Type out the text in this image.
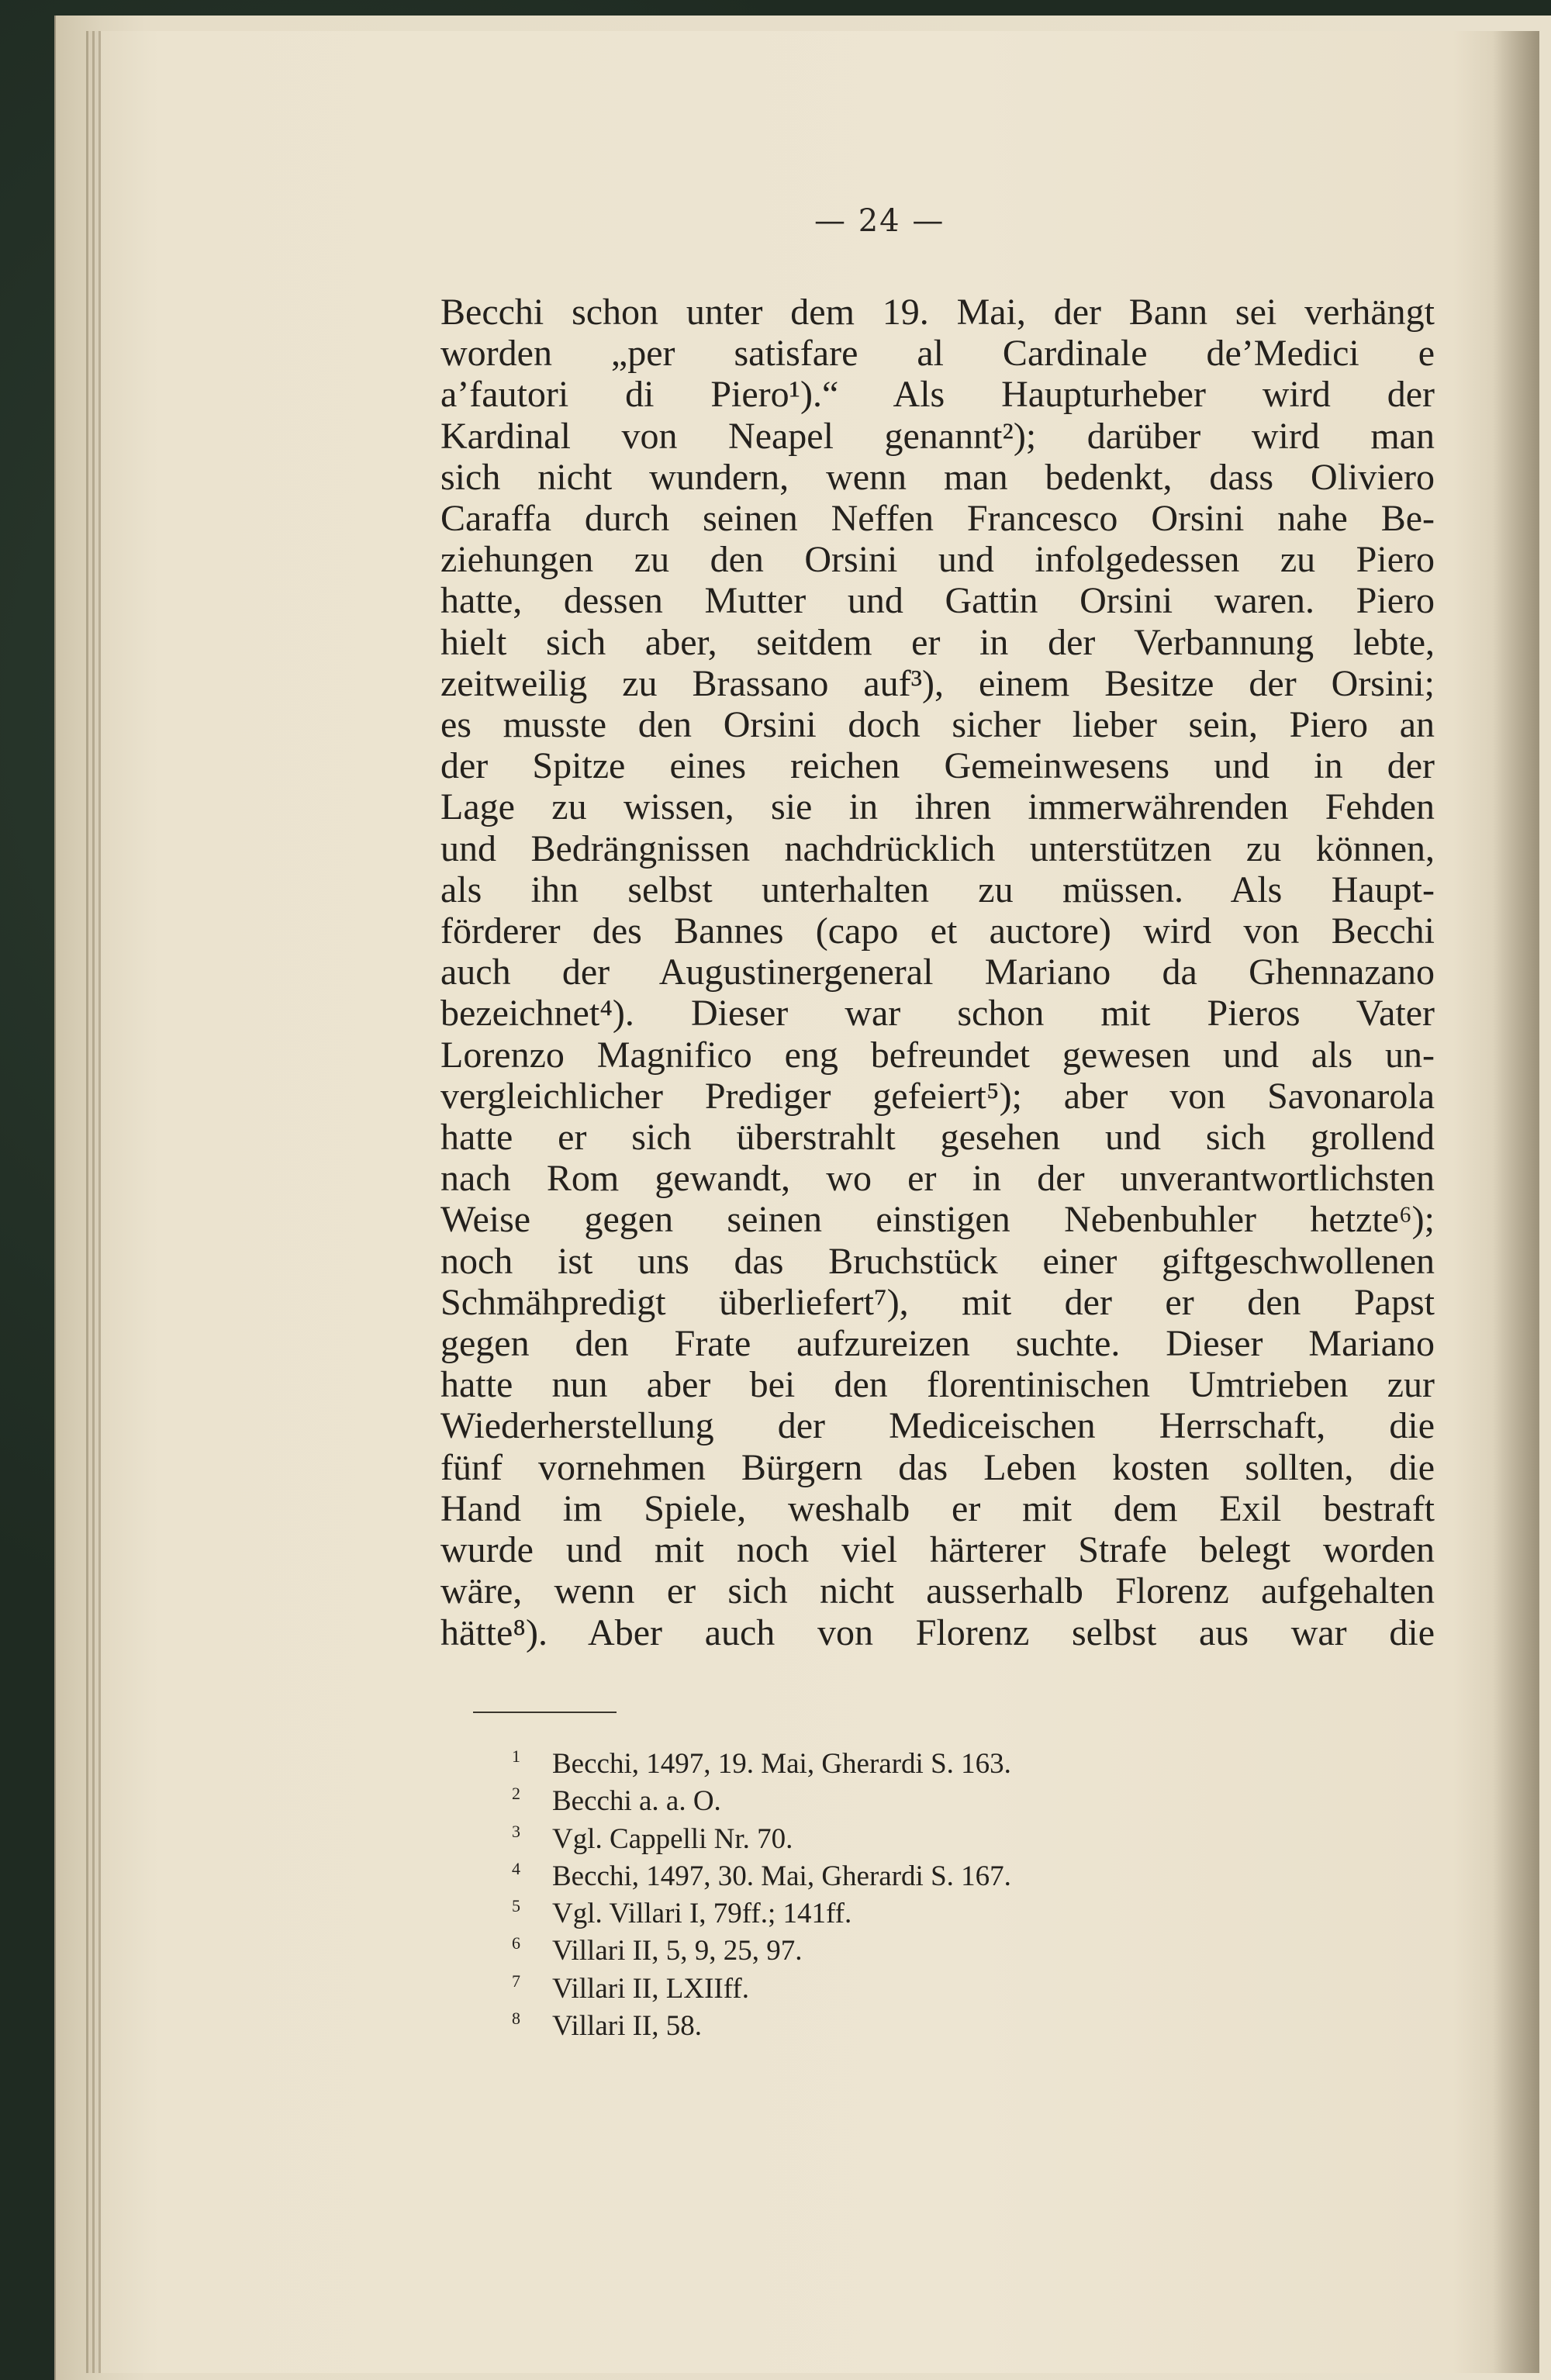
— 24 —
Becchi schon unter dem 19. Mai, der Bann sei verhängt
worden „per satisfare al Cardinale de’Medici e
a’fautori di Piero¹).“ Als Haupturheber wird der
Kardinal von Neapel genannt²); darüber wird man
sich nicht wundern, wenn man bedenkt, dass Oliviero
Caraffa durch seinen Neffen Francesco Orsini nahe Be-
ziehungen zu den Orsini und infolgedessen zu Piero
hatte, dessen Mutter und Gattin Orsini waren. Piero
hielt sich aber, seitdem er in der Verbannung lebte,
zeitweilig zu Brassano auf³), einem Besitze der Orsini;
es musste den Orsini doch sicher lieber sein, Piero an
der Spitze eines reichen Gemeinwesens und in der
Lage zu wissen, sie in ihren immerwährenden Fehden
und Bedrängnissen nachdrücklich unterstützen zu können,
als ihn selbst unterhalten zu müssen. Als Haupt-
förderer des Bannes (capo et auctore) wird von Becchi
auch der Augustinergeneral Mariano da Ghennazano
bezeichnet⁴). Dieser war schon mit Pieros Vater
Lorenzo Magnifico eng befreundet gewesen und als un-
vergleichlicher Prediger gefeiert⁵); aber von Savonarola
hatte er sich überstrahlt gesehen und sich grollend
nach Rom gewandt, wo er in der unverantwortlichsten
Weise gegen seinen einstigen Nebenbuhler hetzte⁶);
noch ist uns das Bruchstück einer giftgeschwollenen
Schmähpredigt überliefert⁷), mit der er den Papst
gegen den Frate aufzureizen suchte. Dieser Mariano
hatte nun aber bei den florentinischen Umtrieben zur
Wiederherstellung der Mediceischen Herrschaft, die
fünf vornehmen Bürgern das Leben kosten sollten, die
Hand im Spiele, weshalb er mit dem Exil bestraft
wurde und mit noch viel härterer Strafe belegt worden
wäre, wenn er sich nicht ausserhalb Florenz aufgehalten
hätte⁸). Aber auch von Florenz selbst aus war die
1 Becchi, 1497, 19. Mai, Gherardi S. 163.
2 Becchi a. a. O.
3 Vgl. Cappelli Nr. 70.
4 Becchi, 1497, 30. Mai, Gherardi S. 167.
5 Vgl. Villari I, 79ff.; 141ff.
6 Villari II, 5, 9, 25, 97.
7 Villari II, LXIIff.
8 Villari II, 58.
